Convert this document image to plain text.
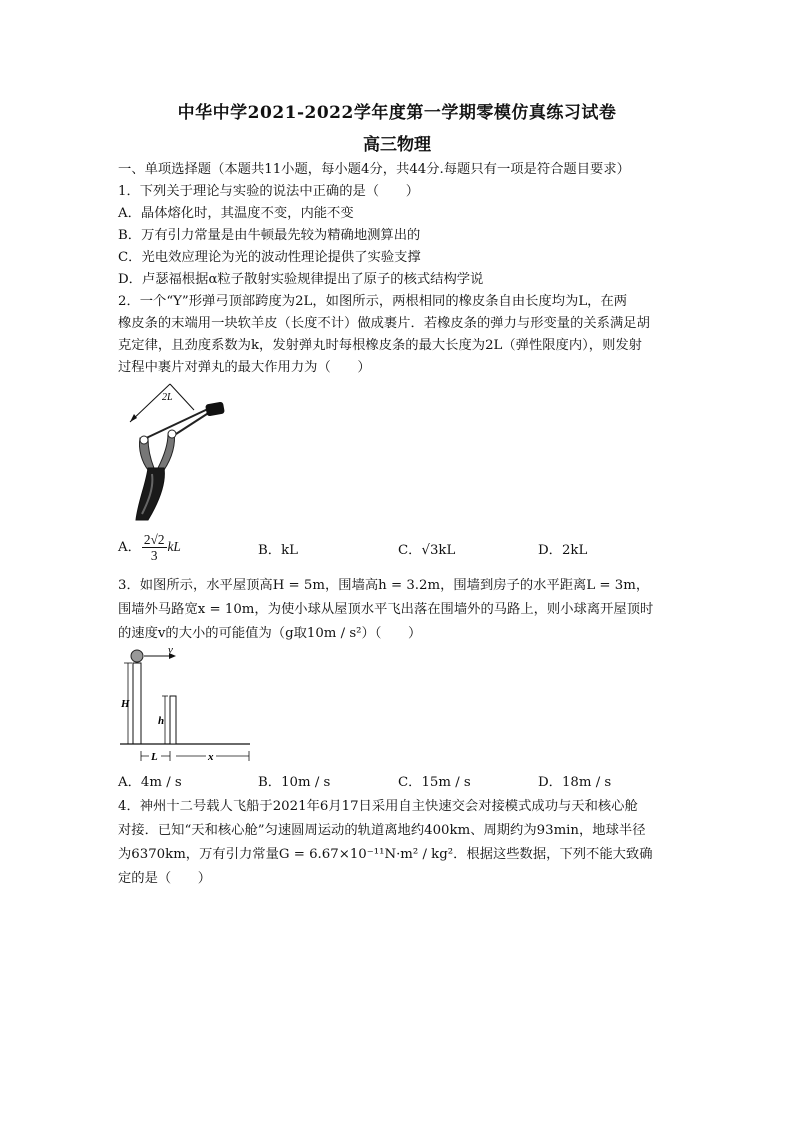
中华中学2021-2022学年度第一学期零模仿真练习试卷
高三物理
一、单项选择题（本题共11小题，每小题4分，共44分.每题只有一项是符合题目要求）
1．下列关于理论与实验的说法中正确的是（　　）
A．晶体熔化时，其温度不变，内能不变
B．万有引力常量是由牛顿最先较为精确地测算出的
C．光电效应理论为光的波动性理论提供了实验支撑
D．卢瑟福根据α粒子散射实验规律提出了原子的核式结构学说
2．一个“Y”形弹弓顶部跨度为2L，如图所示，两根相同的橡皮条自由长度均为L，在两
橡皮条的末端用一块软羊皮（长度不计）做成裹片．若橡皮条的弹力与形变量的关系满足胡
克定律，且劲度系数为k，发射弹丸时每根橡皮条的最大长度为2L（弹性限度内），则发射
过程中裹片对弹丸的最大作用力为（　　）
2L
A． $\frac{2√2}{3}$ kL	B．kL	C．√3kL	D．2kL
3．如图所示，水平屋顶高H = 5m，围墙高h = 3.2m，围墙到房子的水平距离L = 3m，
围墙外马路宽x = 10m，为使小球从屋顶水平飞出落在围墙外的马路上，则小球离开屋顶时
的速度v的大小的可能值为（g取10m / s²）（　　）
v
H
h
L	x
A．4m / s	B．10m / s	C．15m / s	D．18m / s
4．神州十二号载人飞船于2021年6月17日采用自主快速交会对接模式成功与天和核心舱
对接．已知“天和核心舱”匀速圆周运动的轨道离地约400km、周期约为93min，地球半径
为6370km，万有引力常量G = 6.67×10⁻¹¹N·m² / kg²．根据这些数据，下列不能大致确
定的是（　　）
